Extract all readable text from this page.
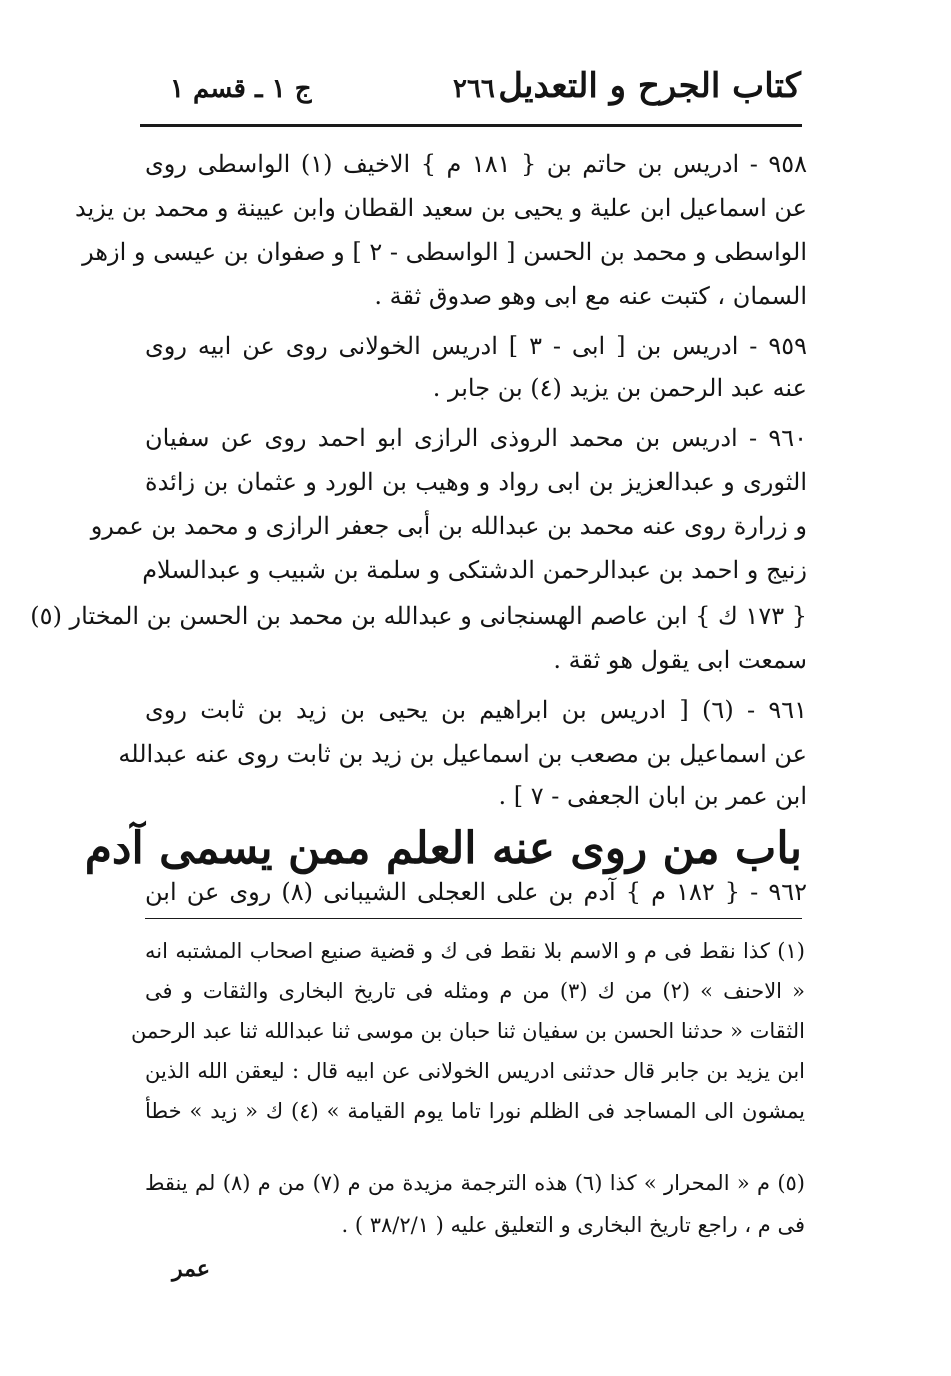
كتاب الجرح و التعديل
٢٦٦
ج ١ ـ قسم ١
٩٥٨ - ادريس بن حاتم بن { ١٨١ م } الاخيف (١) الواسطى روى
عن اسماعيل ابن علية و يحيى بن سعيد القطان وابن عيينة و محمد بن يزيد
الواسطى و محمد بن الحسن [ الواسطى - ٢ ] و صفوان بن عيسى و ازهر
السمان ، كتبت عنه مع ابى وهو صدوق ثقة .
٩٥٩ - ادريس بن [ ابى - ٣ ] ادريس الخولانى روى عن ابيه روى
عنه عبد الرحمن بن يزيد (٤) بن جابر .
٩٦٠ - ادريس بن محمد الروذى الرازى ابو احمد روى عن سفيان
الثورى و عبدالعزيز بن ابى رواد و وهيب بن الورد و عثمان بن زائدة
و زرارة روى عنه محمد بن عبدالله بن أبى جعفر الرازى و محمد بن عمرو
زنيج و احمد بن عبدالرحمن الدشتكى و سلمة بن شبيب و عبدالسلام
{ ١٧٣ ك } ابن عاصم الهسنجانى و عبدالله بن محمد بن الحسن بن المختار (٥)
سمعت ابى يقول هو ثقة .
٩٦١ - (٦) [ ادريس بن ابراهيم بن يحيى بن زيد بن ثابت روى
عن اسماعيل بن مصعب بن اسماعيل بن زيد بن ثابت روى عنه عبدالله
ابن عمر بن ابان الجعفى - ٧ ] .
باب من روى عنه العلم ممن يسمى آدم
٩٦٢ - { ١٨٢ م } آدم بن على العجلى الشيبانى (٨) روى عن ابن
(١) كذا نقط فى م و الاسم بلا نقط فى ك و قضية صنيع اصحاب المشتبه انه
« الاحنف » (٢) من ك (٣) من م ومثله فى تاريخ البخارى والثقات و فى
الثقات « حدثنا الحسن بن سفيان ثنا حبان بن موسى ثنا عبدالله ثنا عبد الرحمن
ابن يزيد بن جابر قال حدثنى ادريس الخولانى عن ابيه قال : ليعقن الله الذين
يمشون الى المساجد فى الظلم نورا تاما يوم القيامة » (٤) ك « زيد » خطأ
(٥) م « المحرار » كذا (٦) هذه الترجمة مزيدة من م (٧) من م (٨) لم ينقط
فى م ، راجع تاريخ البخارى و التعليق عليه ( ٣٨/٢/١ ) .
عمر
